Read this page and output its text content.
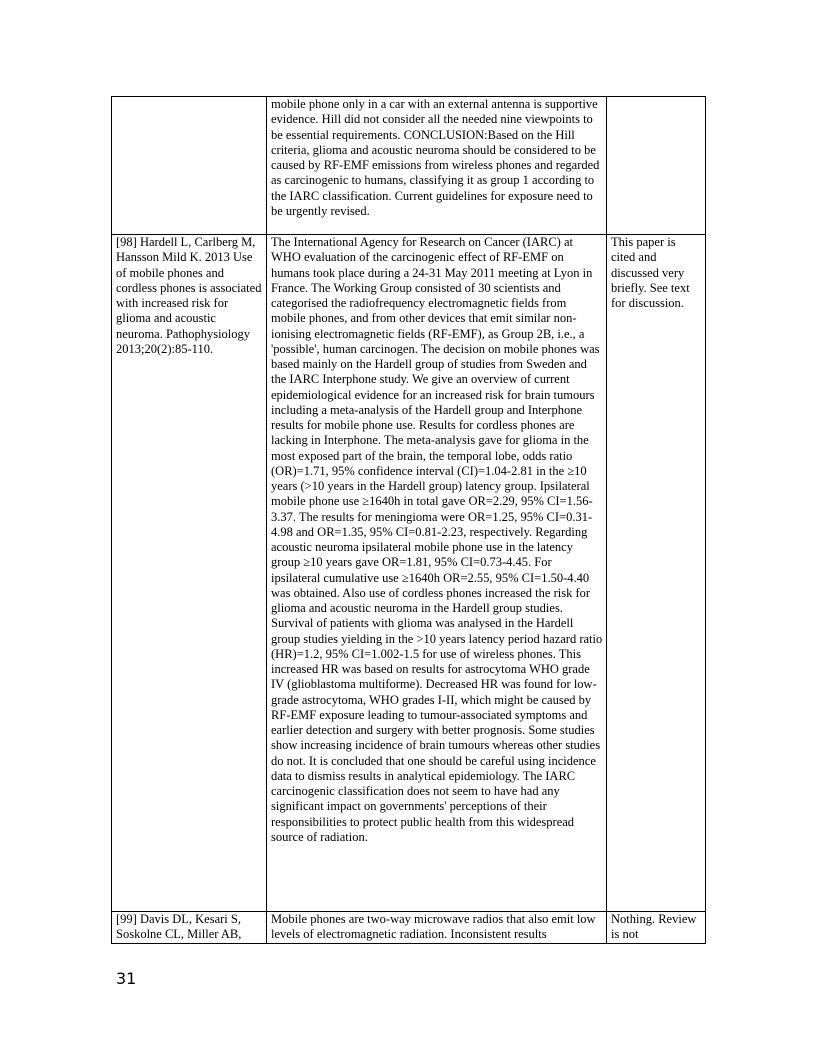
	mobile phone only in a car with an external antenna is supportive evidence. Hill did not consider all the needed nine viewpoints to be essential requirements. CONCLUSION:Based on the Hill criteria, glioma and acoustic neuroma should be considered to be caused by RF-EMF emissions from wireless phones and regarded as carcinogenic to humans, classifying it as group 1 according to the IARC classification. Current guidelines for exposure need to be urgently revised.	

[98] Hardell L, Carlberg M, Hansson Mild K. 2013 Use of mobile phones and cordless phones is associated with increased risk for glioma and acoustic neuroma. Pathophysiology 2013;20(2):85-110.	The International Agency for Research on Cancer (IARC) at WHO evaluation of the carcinogenic effect of RF-EMF on humans took place during a 24-31 May 2011 meeting at Lyon in France. The Working Group consisted of 30 scientists and categorised the radiofrequency electromagnetic fields from mobile phones, and from other devices that emit similar non-ionising electromagnetic fields (RF-EMF), as Group 2B, i.e., a 'possible', human carcinogen. The decision on mobile phones was based mainly on the Hardell group of studies from Sweden and the IARC Interphone study. We give an overview of current epidemiological evidence for an increased risk for brain tumours including a meta-analysis of the Hardell group and Interphone results for mobile phone use. Results for cordless phones are lacking in Interphone. The meta-analysis gave for glioma in the most exposed part of the brain, the temporal lobe, odds ratio (OR)=1.71, 95% confidence interval (CI)=1.04-2.81 in the ≥10 years (>10 years in the Hardell group) latency group. Ipsilateral mobile phone use ≥1640h in total gave OR=2.29, 95% CI=1.56-3.37. The results for meningioma were OR=1.25, 95% CI=0.31-4.98 and OR=1.35, 95% CI=0.81-2.23, respectively. Regarding acoustic neuroma ipsilateral mobile phone use in the latency group ≥10 years gave OR=1.81, 95% CI=0.73-4.45. For ipsilateral cumulative use ≥1640h OR=2.55, 95% CI=1.50-4.40 was obtained. Also use of cordless phones increased the risk for glioma and acoustic neuroma in the Hardell group studies. Survival of patients with glioma was analysed in the Hardell group studies yielding in the >10 years latency period hazard ratio (HR)=1.2, 95% CI=1.002-1.5 for use of wireless phones. This increased HR was based on results for astrocytoma WHO grade IV (glioblastoma multiforme). Decreased HR was found for low-grade astrocytoma, WHO grades I-II, which might be caused by RF-EMF exposure leading to tumour-associated symptoms and earlier detection and surgery with better prognosis. Some studies show increasing incidence of brain tumours whereas other studies do not. It is concluded that one should be careful using incidence data to dismiss results in analytical epidemiology. The IARC carcinogenic classification does not seem to have had any significant impact on governments' perceptions of their responsibilities to protect public health from this widespread source of radiation.	This paper is cited and discussed very briefly. See text for discussion.

[99] Davis DL, Kesari S, Soskolne CL, Miller AB,	Mobile phones are two-way microwave radios that also emit low levels of electromagnetic radiation. Inconsistent results	Nothing. Review is not
31
